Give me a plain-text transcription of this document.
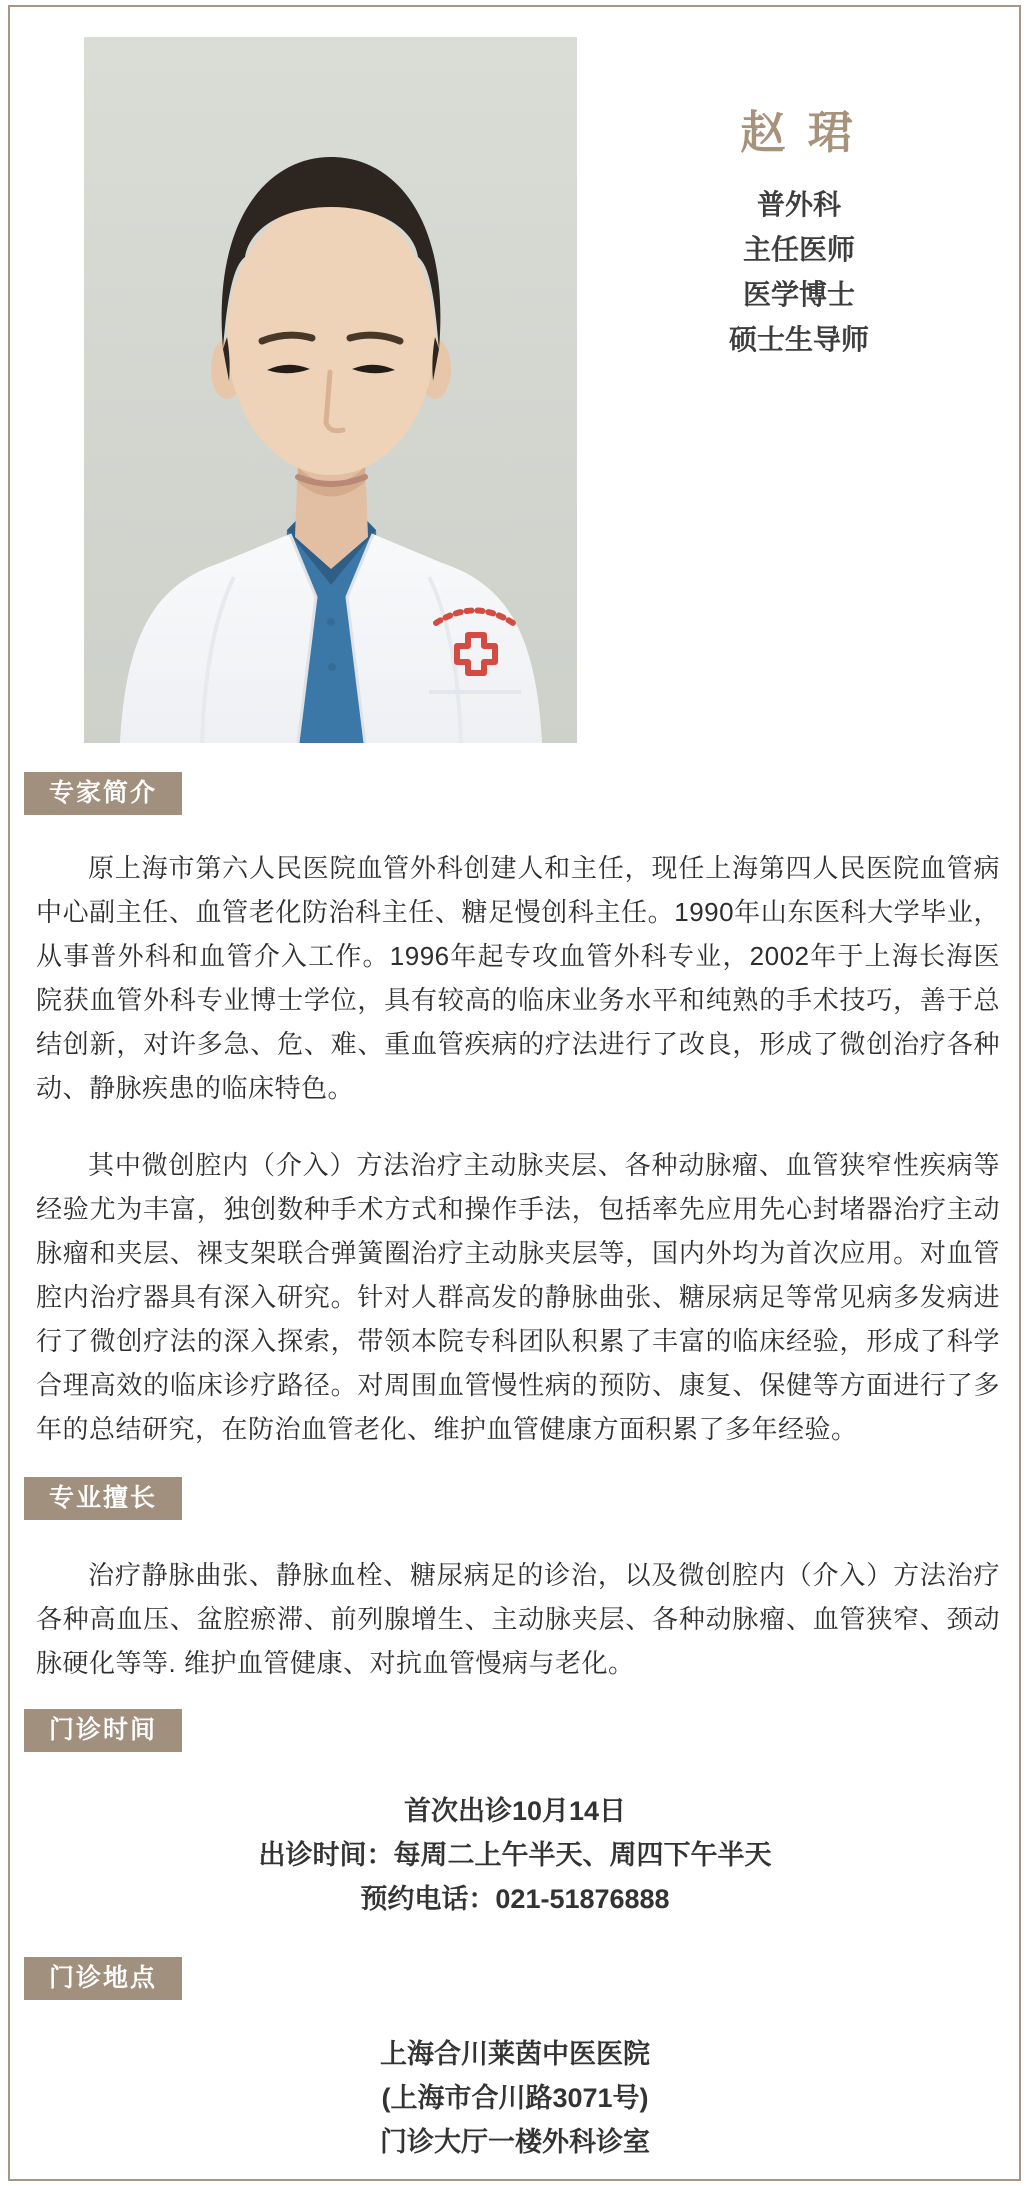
赵 珺
普外科
主任医师
医学博士
硕士生导师
专家简介
原上海市第六人民医院血管外科创建人和主任，现任上海第四人民医院血管病中心副主任、血管老化防治科主任、糖足慢创科主任。1990年山东医科大学毕业，从事普外科和血管介入工作。1996年起专攻血管外科专业，2002年于上海长海医院获血管外科专业博士学位，具有较高的临床业务水平和纯熟的手术技巧，善于总结创新，对许多急、危、难、重血管疾病的疗法进行了改良，形成了微创治疗各种动、静脉疾患的临床特色。
其中微创腔内（介入）方法治疗主动脉夹层、各种动脉瘤、血管狭窄性疾病等经验尤为丰富，独创数种手术方式和操作手法，包括率先应用先心封堵器治疗主动脉瘤和夹层、裸支架联合弹簧圈治疗主动脉夹层等，国内外均为首次应用。对血管腔内治疗器具有深入研究。针对人群高发的静脉曲张、糖尿病足等常见病多发病进行了微创疗法的深入探索，带领本院专科团队积累了丰富的临床经验，形成了科学合理高效的临床诊疗路径。对周围血管慢性病的预防、康复、保健等方面进行了多年的总结研究，在防治血管老化、维护血管健康方面积累了多年经验。
专业擅长
治疗静脉曲张、静脉血栓、糖尿病足的诊治，以及微创腔内（介入）方法治疗各种高血压、盆腔瘀滞、前列腺增生、主动脉夹层、各种动脉瘤、血管狭窄、颈动脉硬化等等. 维护血管健康、对抗血管慢病与老化。
门诊时间
首次出诊10月14日
出诊时间：每周二上午半天、周四下午半天
预约电话：021-51876888
门诊地点
上海合川莱茵中医医院
(上海市合川路3071号)
门诊大厅一楼外科诊室
